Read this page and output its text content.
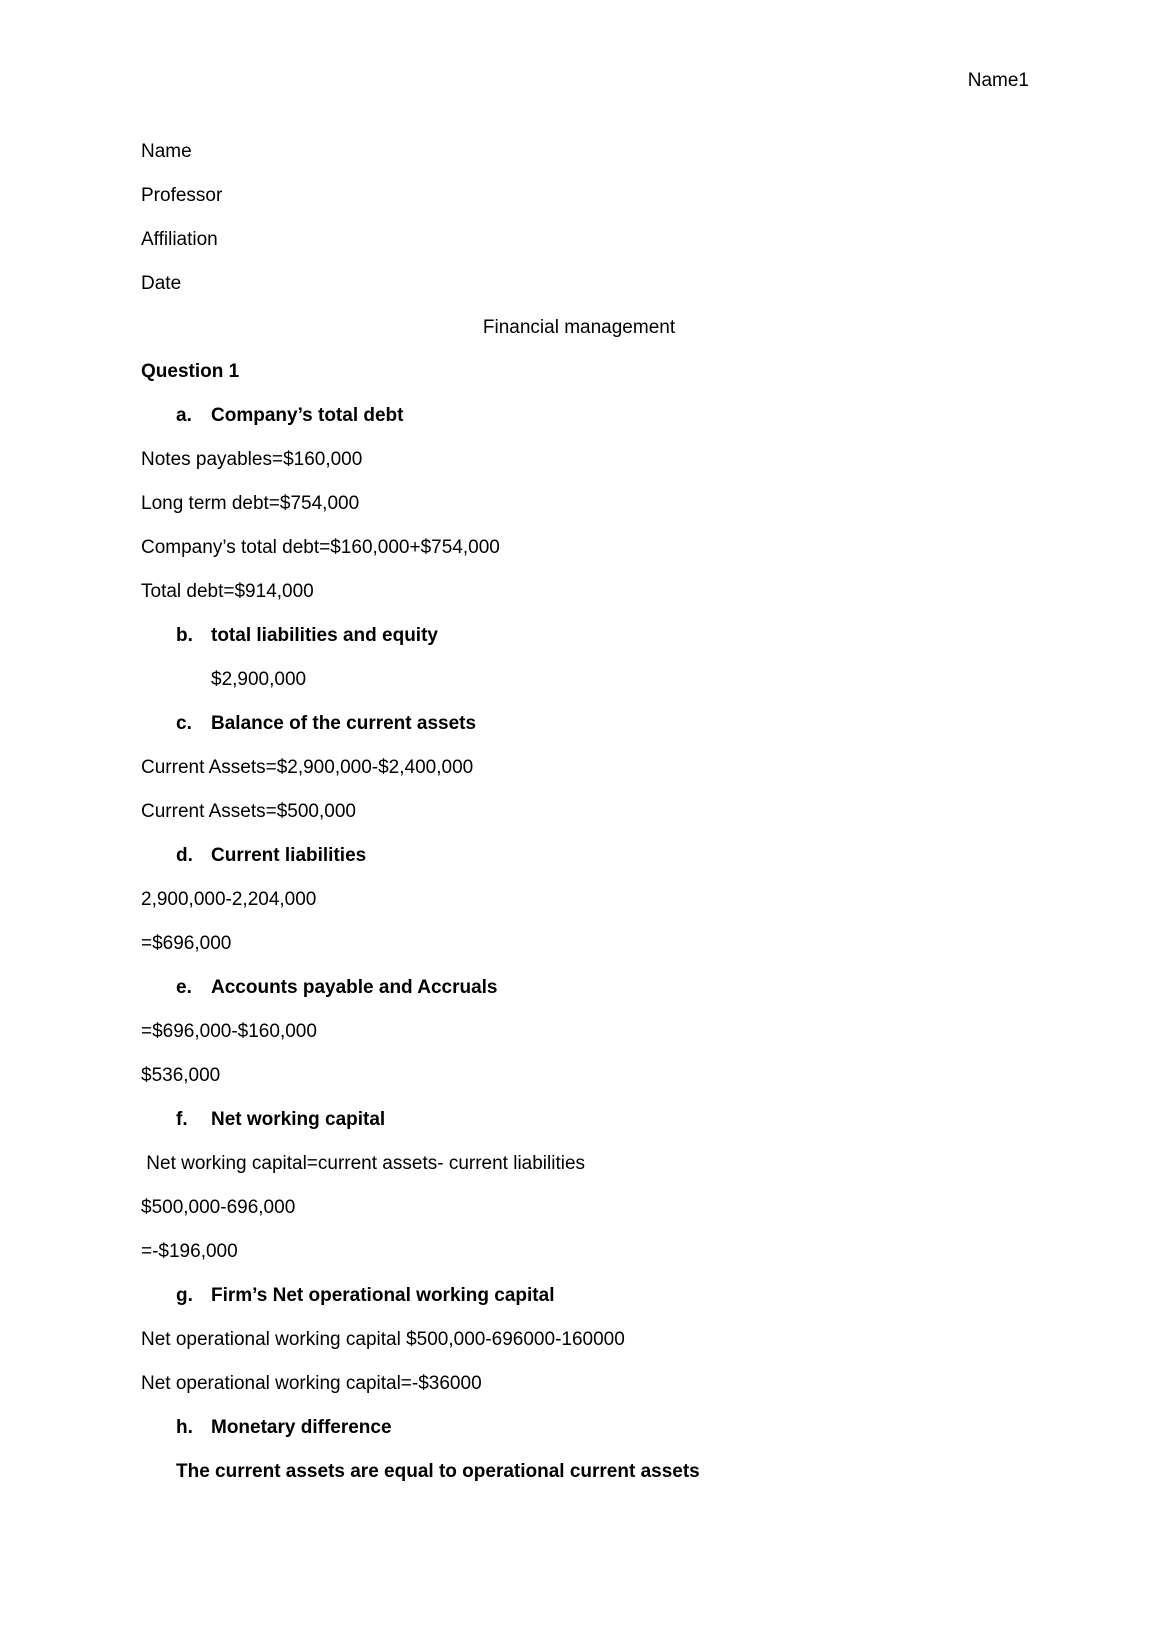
Name1
Name
Professor
Affiliation
Date
Financial management
Question 1
a. Company’s total debt
Notes payables=$160,000
Long term debt=$754,000
Company’s total debt=$160,000+$754,000
Total debt=$914,000
b. total liabilities and equity
$2,900,000
c. Balance of the current assets
Current Assets=$2,900,000-$2,400,000
Current Assets=$500,000
d. Current liabilities
2,900,000-2,204,000
=$696,000
e. Accounts payable and Accruals
=$696,000-$160,000
$536,000
f. Net working capital
Net working capital=current assets- current liabilities
$500,000-696,000
=-$196,000
g. Firm’s Net operational working capital
Net operational working capital $500,000-696000-160000
Net operational working capital=-$36000
h. Monetary difference
The current assets are equal to operational current assets
